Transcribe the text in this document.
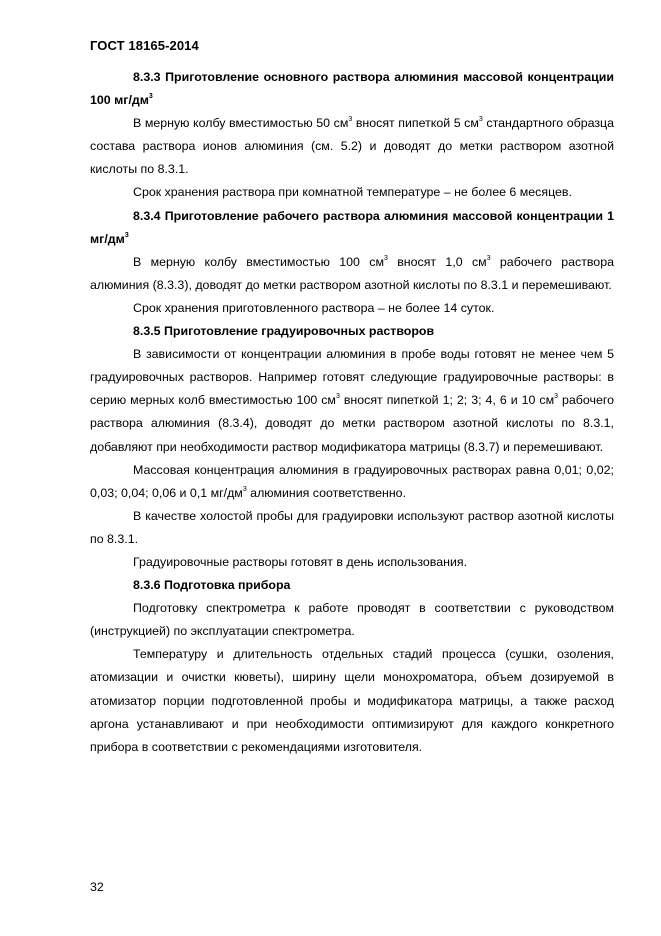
ГОСТ 18165-2014

8.3.3 Приготовление основного раствора алюминия массовой концентрации 100 $мг/дм^3$

В мерную колбу вместимостью 50 $см^3$ вносят пипеткой 5 $см^3$ стандартного образца состава раствора ионов алюминия (см. 5.2) и доводят до метки раствором азотной кислоты по 8.3.1.

Срок хранения раствора при комнатной температуре – не более 6 месяцев.

8.3.4 Приготовление рабочего раствора алюминия массовой концентрации 1 $мг/дм^3$

В мерную колбу вместимостью 100 $см^3$ вносят 1,0 $см^3$ рабочего раствора алюминия (8.3.3), доводят до метки раствором азотной кислоты по 8.3.1 и перемешивают.

Срок хранения приготовленного раствора – не более 14 суток.

8.3.5 Приготовление градуировочных растворов

В зависимости от концентрации алюминия в пробе воды готовят не менее чем 5 градуировочных растворов. Например готовят следующие градуировочные растворы: в серию мерных колб вместимостью 100 $см^3$ вносят пипеткой 1; 2; 3; 4, 6 и 10 $см^3$ рабочего раствора алюминия (8.3.4), доводят до метки раствором азотной кислоты по 8.3.1, добавляют при необходимости раствор модификатора матрицы (8.3.7) и перемешивают.

Массовая концентрация алюминия в градуировочных растворах равна 0,01; 0,02; 0,03; 0,04; 0,06 и 0,1 $мг/дм^3$ алюминия соответственно.

В качестве холостой пробы для градуировки используют раствор азотной кислоты по 8.3.1.

Градуировочные растворы готовят в день использования.

8.3.6 Подготовка прибора

Подготовку спектрометра к работе проводят в соответствии с руководством (инструкцией) по эксплуатации спектрометра.

Температуру и длительность отдельных стадий процесса (сушки, озоления, атомизации и очистки кюветы), ширину щели монохроматора, объем дозируемой в атомизатор порции подготовленной пробы и модификатора матрицы, а также расход аргона устанавливают и при необходимости оптимизируют для каждого конкретного прибора в соответствии с рекомендациями изготовителя.

32
